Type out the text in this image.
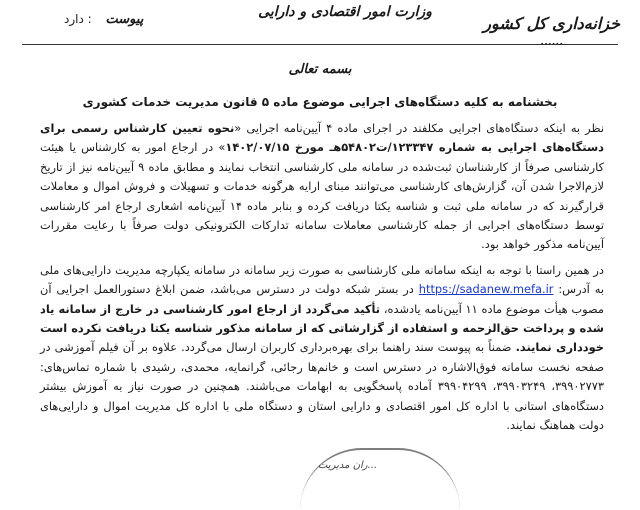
پیوست : دارد	وزارت امور اقتصادی و دارایی
خزانه‌داری کل کشور
......
بسمه تعالی
بخشنامه به کلیه دستگاه‌های اجرایی موضوع ماده ۵ قانون مدیریت خدمات کشوری

نظر به اینکه دستگاه‌های اجرایی مکلفند در اجرای ماده ۴ آیین‌نامه اجرایی «نحوه تعیین کارشناس رسمی برای دستگاه‌های اجرایی به شماره ۱۲۳۳۴۷/ت۵۴۸۰۲هـ مورخ ۱۴۰۲/۰۷/۱۵» در ارجاع امور به کارشناس یا هیئت کارشناسی صرفاً از کارشناسان ثبت‌شده در سامانه ملی کارشناسی انتخاب نمایند و مطابق ماده ۹ آیین‌نامه نیز از تاریخ لازم‌الاجرا شدن آن، گزارش‌های کارشناسی می‌توانند مبنای ارایه هرگونه خدمات و تسهیلات و فروش اموال و معاملات قرارگیرند که در سامانه ملی ثبت و شناسه یکتا دریافت کرده و بنابر ماده ۱۴ آیین‌نامه اشعاری ارجاع امر کارشناسی توسط دستگاه‌های اجرایی از جمله کارشناسی معاملات سامانه تدارکات الکترونیکی دولت صرفاً با رعایت مقررات آیین‌نامه مذکور خواهد بود.

در همین راستا با توجه به اینکه سامانه ملی کارشناسی به صورت زیر سامانه در سامانه یکپارچه مدیریت دارایی‌های ملی به آدرس: https://sadanew.mefa.ir در بستر شبکه دولت در دسترس می‌باشد، ضمن ابلاغ دستورالعمل اجرایی آن مصوب هیأت موضوع ماده ۱۱ آیین‌نامه یادشده، تأکید می‌گردد از ارجاع امور کارشناسی در خارج از سامانه یاد شده و پرداخت حق‌الزحمه و استفاده از گزارشاتی که از سامانه مذکور شناسه یکتا دریافت نکرده است خودداری نمایند. ضمناً به پیوست سند راهنما برای بهره‌برداری کاربران ارسال می‌گردد. علاوه بر آن فیلم آموزشی در صفحه نخست سامانه فوق‌الاشاره در دسترس است و خانم‌ها رجائی، گرانمایه، محمدی، رشیدی با شماره تماس‌های: ۳۹۹۰۲۷۷۳، ۳۹۹۰۳۲۴۹، ۳۹۹۰۴۲۹۹ آماده پاسخگویی به ابهامات می‌باشند. همچنین در صورت نیاز به آموزش بیشتر دستگاه‌های استانی با اداره کل امور اقتصادی و دارایی استان و دستگاه ملی با اداره کل مدیریت اموال و دارایی‌های دولت هماهنگ نمایند.

...ران مدیریت
